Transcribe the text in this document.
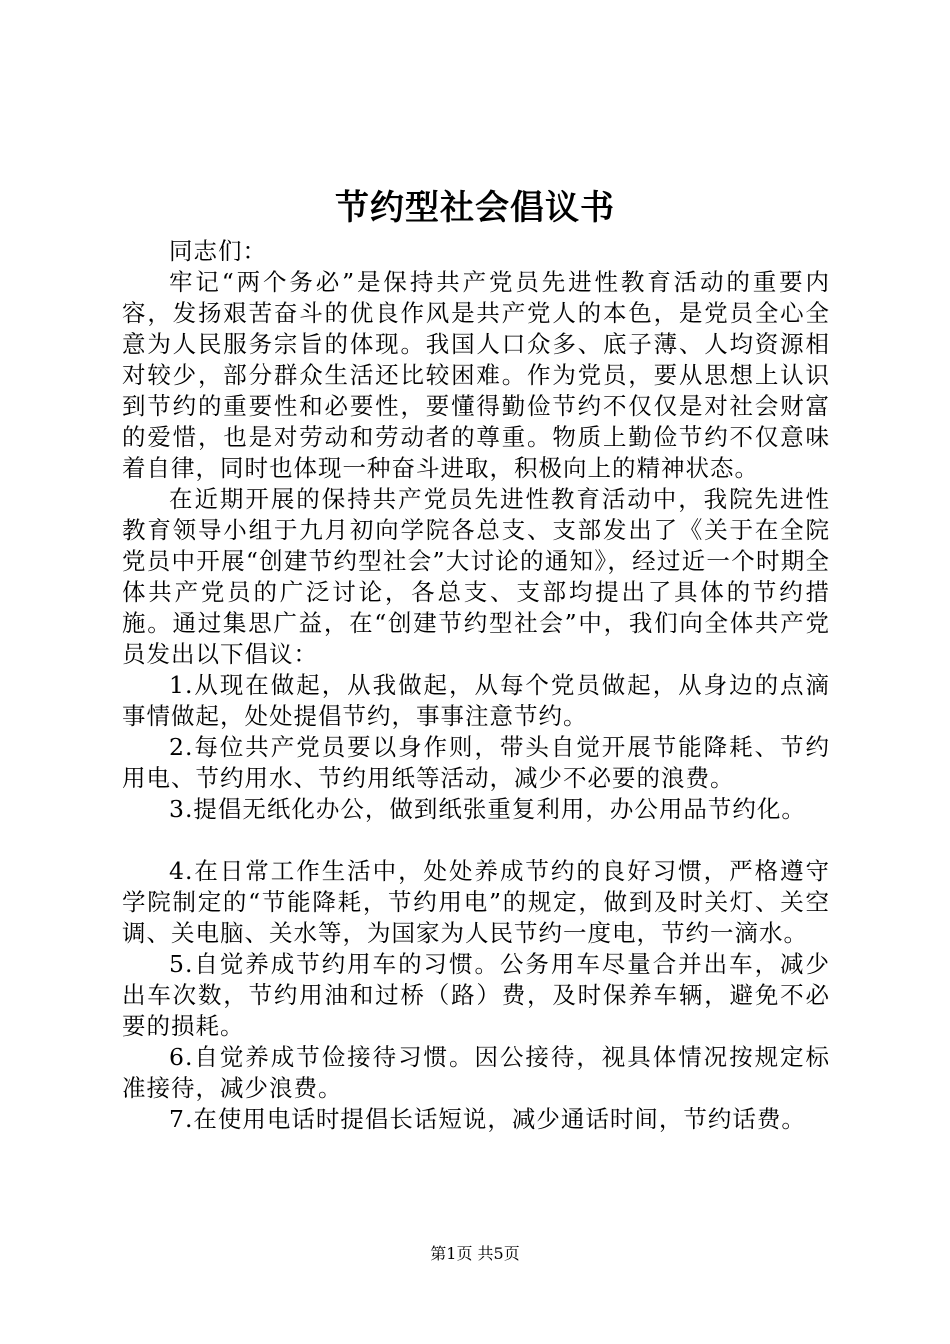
节约型社会倡议书

同志们：

牢记“两个务必”是保持共产党员先进性教育活动的重要内容，发扬艰苦奋斗的优良作风是共产党人的本色，是党员全心全意为人民服务宗旨的体现。我国人口众多、底子薄、人均资源相对较少，部分群众生活还比较困难。作为党员，要从思想上认识到节约的重要性和必要性，要懂得勤俭节约不仅仅是对社会财富的爱惜，也是对劳动和劳动者的尊重。物质上勤俭节约不仅意味着自律，同时也体现一种奋斗进取，积极向上的精神状态。

在近期开展的保持共产党员先进性教育活动中，我院先进性教育领导小组于九月初向学院各总支、支部发出了《关于在全院党员中开展“创建节约型社会”大讨论的通知》，经过近一个时期全体共产党员的广泛讨论，各总支、支部均提出了具体的节约措施。通过集思广益，在“创建节约型社会”中，我们向全体共产党员发出以下倡议：

1.从现在做起，从我做起，从每个党员做起，从身边的点滴事情做起，处处提倡节约，事事注意节约。

2.每位共产党员要以身作则，带头自觉开展节能降耗、节约用电、节约用水、节约用纸等活动，减少不必要的浪费。

3.提倡无纸化办公，做到纸张重复利用，办公用品节约化。

4.在日常工作生活中，处处养成节约的良好习惯，严格遵守学院制定的“节能降耗，节约用电”的规定，做到及时关灯、关空调、关电脑、关水等，为国家为人民节约一度电，节约一滴水。

5.自觉养成节约用车的习惯。公务用车尽量合并出车，减少出车次数，节约用油和过桥（路）费，及时保养车辆，避免不必要的损耗。

6.自觉养成节俭接待习惯。因公接待，视具体情况按规定标准接待，减少浪费。

7.在使用电话时提倡长话短说，减少通话时间，节约话费。

第1页 共5页
